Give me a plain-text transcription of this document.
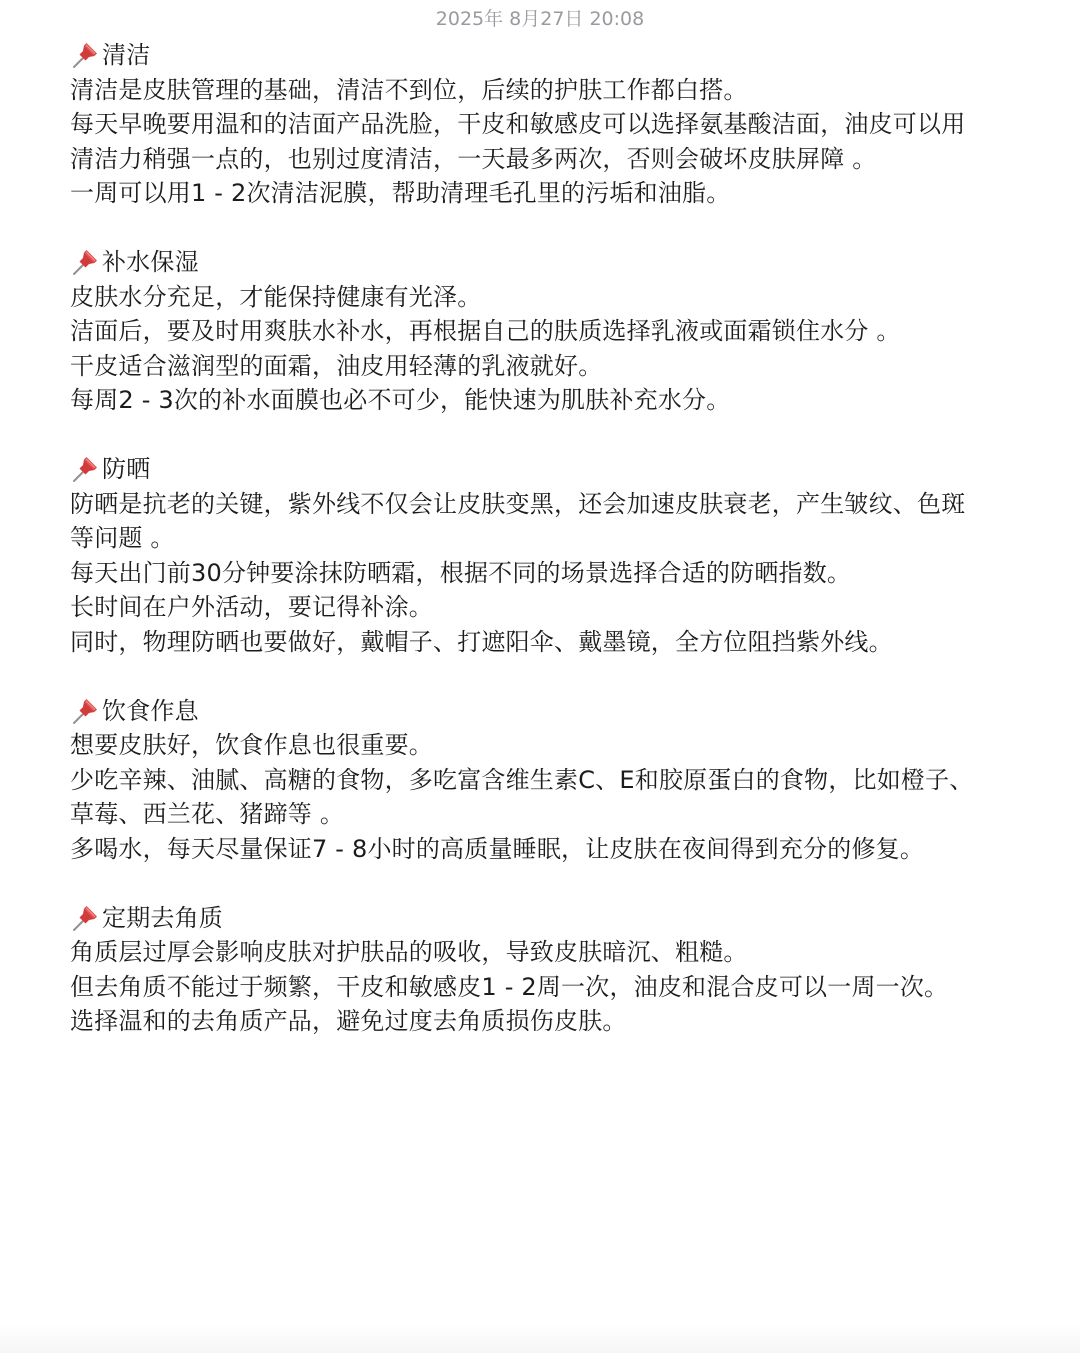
2025年 8月27日 20:08
清洁
清洁是皮肤管理的基础，清洁不到位，后续的护肤工作都白搭。
每天早晚要用温和的洁面产品洗脸，干皮和敏感皮可以选择氨基酸洁面，油皮可以用
清洁力稍强一点的，也别过度清洁，一天最多两次，否则会破坏皮肤屏障 。
一周可以用1 - 2次清洁泥膜，帮助清理毛孔里的污垢和油脂。
补水保湿
皮肤水分充足，才能保持健康有光泽。
洁面后，要及时用爽肤水补水，再根据自己的肤质选择乳液或面霜锁住水分 。
干皮适合滋润型的面霜，油皮用轻薄的乳液就好。
每周2 - 3次的补水面膜也必不可少，能快速为肌肤补充水分。
防晒
防晒是抗老的关键，紫外线不仅会让皮肤变黑，还会加速皮肤衰老，产生皱纹、色斑
等问题 。
每天出门前30分钟要涂抹防晒霜，根据不同的场景选择合适的防晒指数。
长时间在户外活动，要记得补涂。
同时，物理防晒也要做好，戴帽子、打遮阳伞、戴墨镜，全方位阻挡紫外线。
饮食作息
想要皮肤好，饮食作息也很重要。
少吃辛辣、油腻、高糖的食物，多吃富含维生素C、E和胶原蛋白的食物，比如橙子、
草莓、西兰花、猪蹄等 。
多喝水，每天尽量保证7 - 8小时的高质量睡眠，让皮肤在夜间得到充分的修复。
定期去角质
角质层过厚会影响皮肤对护肤品的吸收，导致皮肤暗沉、粗糙。
但去角质不能过于频繁，干皮和敏感皮1 - 2周一次，油皮和混合皮可以一周一次。
选择温和的去角质产品，避免过度去角质损伤皮肤。
